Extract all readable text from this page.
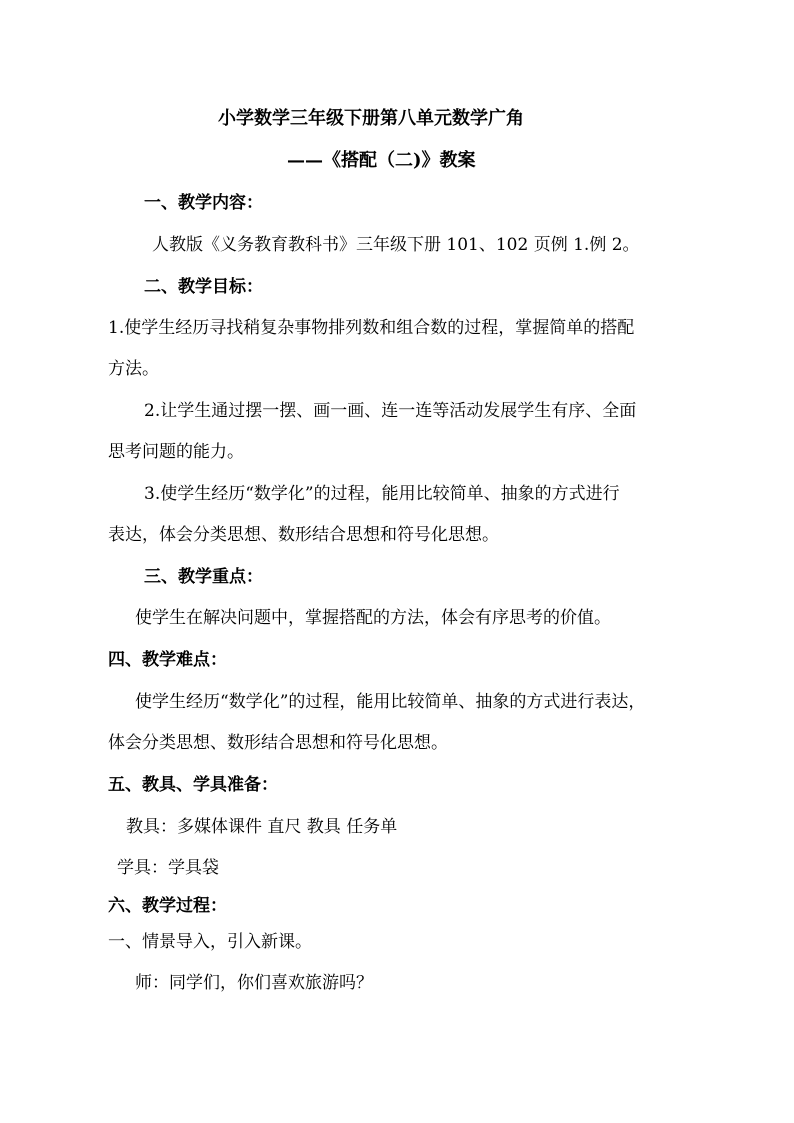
小学数学三年级下册第八单元数学广角
——《搭配（二)》教案
一、教学内容：
人教版《义务教育教科书》三年级下册 101、102 页例 1.例 2。
二、教学目标：
1.使学生经历寻找稍复杂事物排列数和组合数的过程，掌握简单的搭配
方法。
2.让学生通过摆一摆、画一画、连一连等活动发展学生有序、全面
思考问题的能力。
3.使学生经历“数学化”的过程，能用比较简单、抽象的方式进行
表达，体会分类思想、数形结合思想和符号化思想。
三、教学重点：
使学生在解决问题中，掌握搭配的方法，体会有序思考的价值。
四、教学难点：
使学生经历“数学化”的过程，能用比较简单、抽象的方式进行表达，
体会分类思想、数形结合思想和符号化思想。
五、教具、学具准备：
教具：多媒体课件 直尺 教具 任务单
学具：学具袋
六、教学过程：
一、情景导入，引入新课。
师：同学们，你们喜欢旅游吗？
